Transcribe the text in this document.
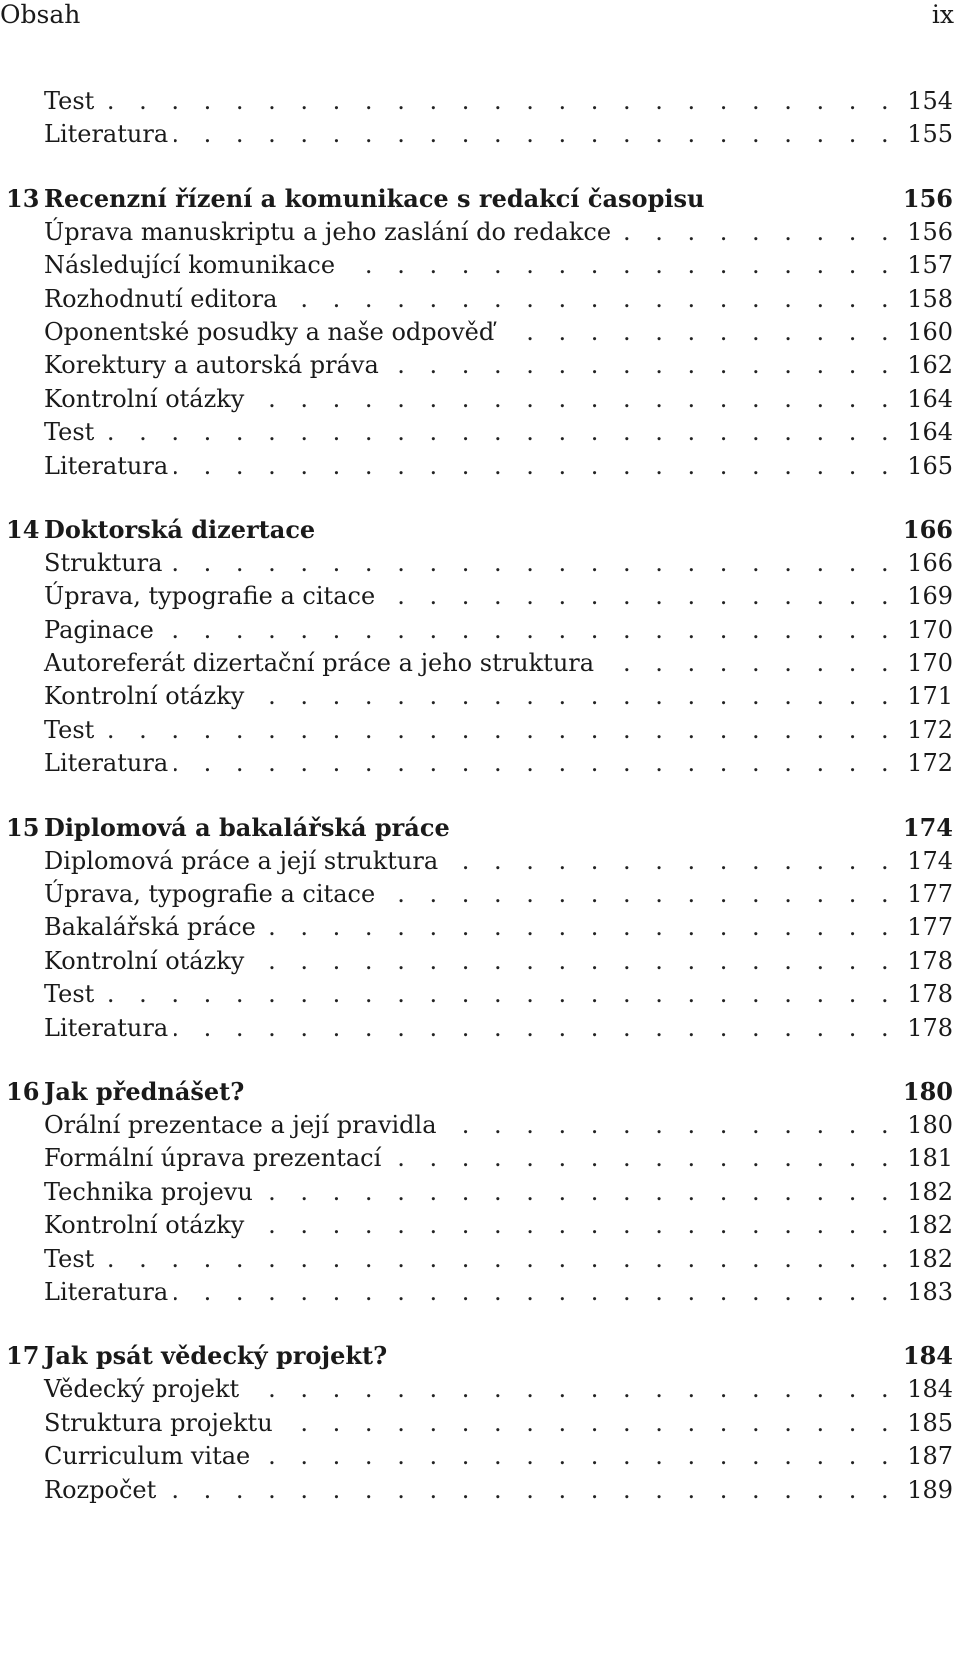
Obsah	ix
Test . . .	154
Literatura . . .	155
13 Recenzní řízení a komunikace s redakcí časopisu	156
Úprava manuskriptu a jeho zaslání do redakce . . .	156
Následující komunikace . . .	157
Rozhodnutí editora . . .	158
Oponentské posudky a naše odpověď . . .	160
Korektury a autorská práva . . .	162
Kontrolní otázky . . .	164
Test . . .	164
Literatura . . .	165
14 Doktorská dizertace	166
Struktura . . .	166
Úprava, typografie a citace . . .	169
Paginace . . .	170
Autoreferát dizertační práce a jeho struktura . . .	170
Kontrolní otázky . . .	171
Test . . .	172
Literatura . . .	172
15 Diplomová a bakalářská práce	174
Diplomová práce a její struktura . . .	174
Úprava, typografie a citace . . .	177
Bakalářská práce . . .	177
Kontrolní otázky . . .	178
Test . . .	178
Literatura . . .	178
16 Jak přednášet?	180
Orální prezentace a její pravidla . . .	180
Formální úprava prezentací . . .	181
Technika projevu . . .	182
Kontrolní otázky . . .	182
Test . . .	182
Literatura . . .	183
17 Jak psát vědecký projekt?	184
Vědecký projekt . . .	184
Struktura projektu . . .	185
Curriculum vitae . . .	187
Rozpočet . . .	189
